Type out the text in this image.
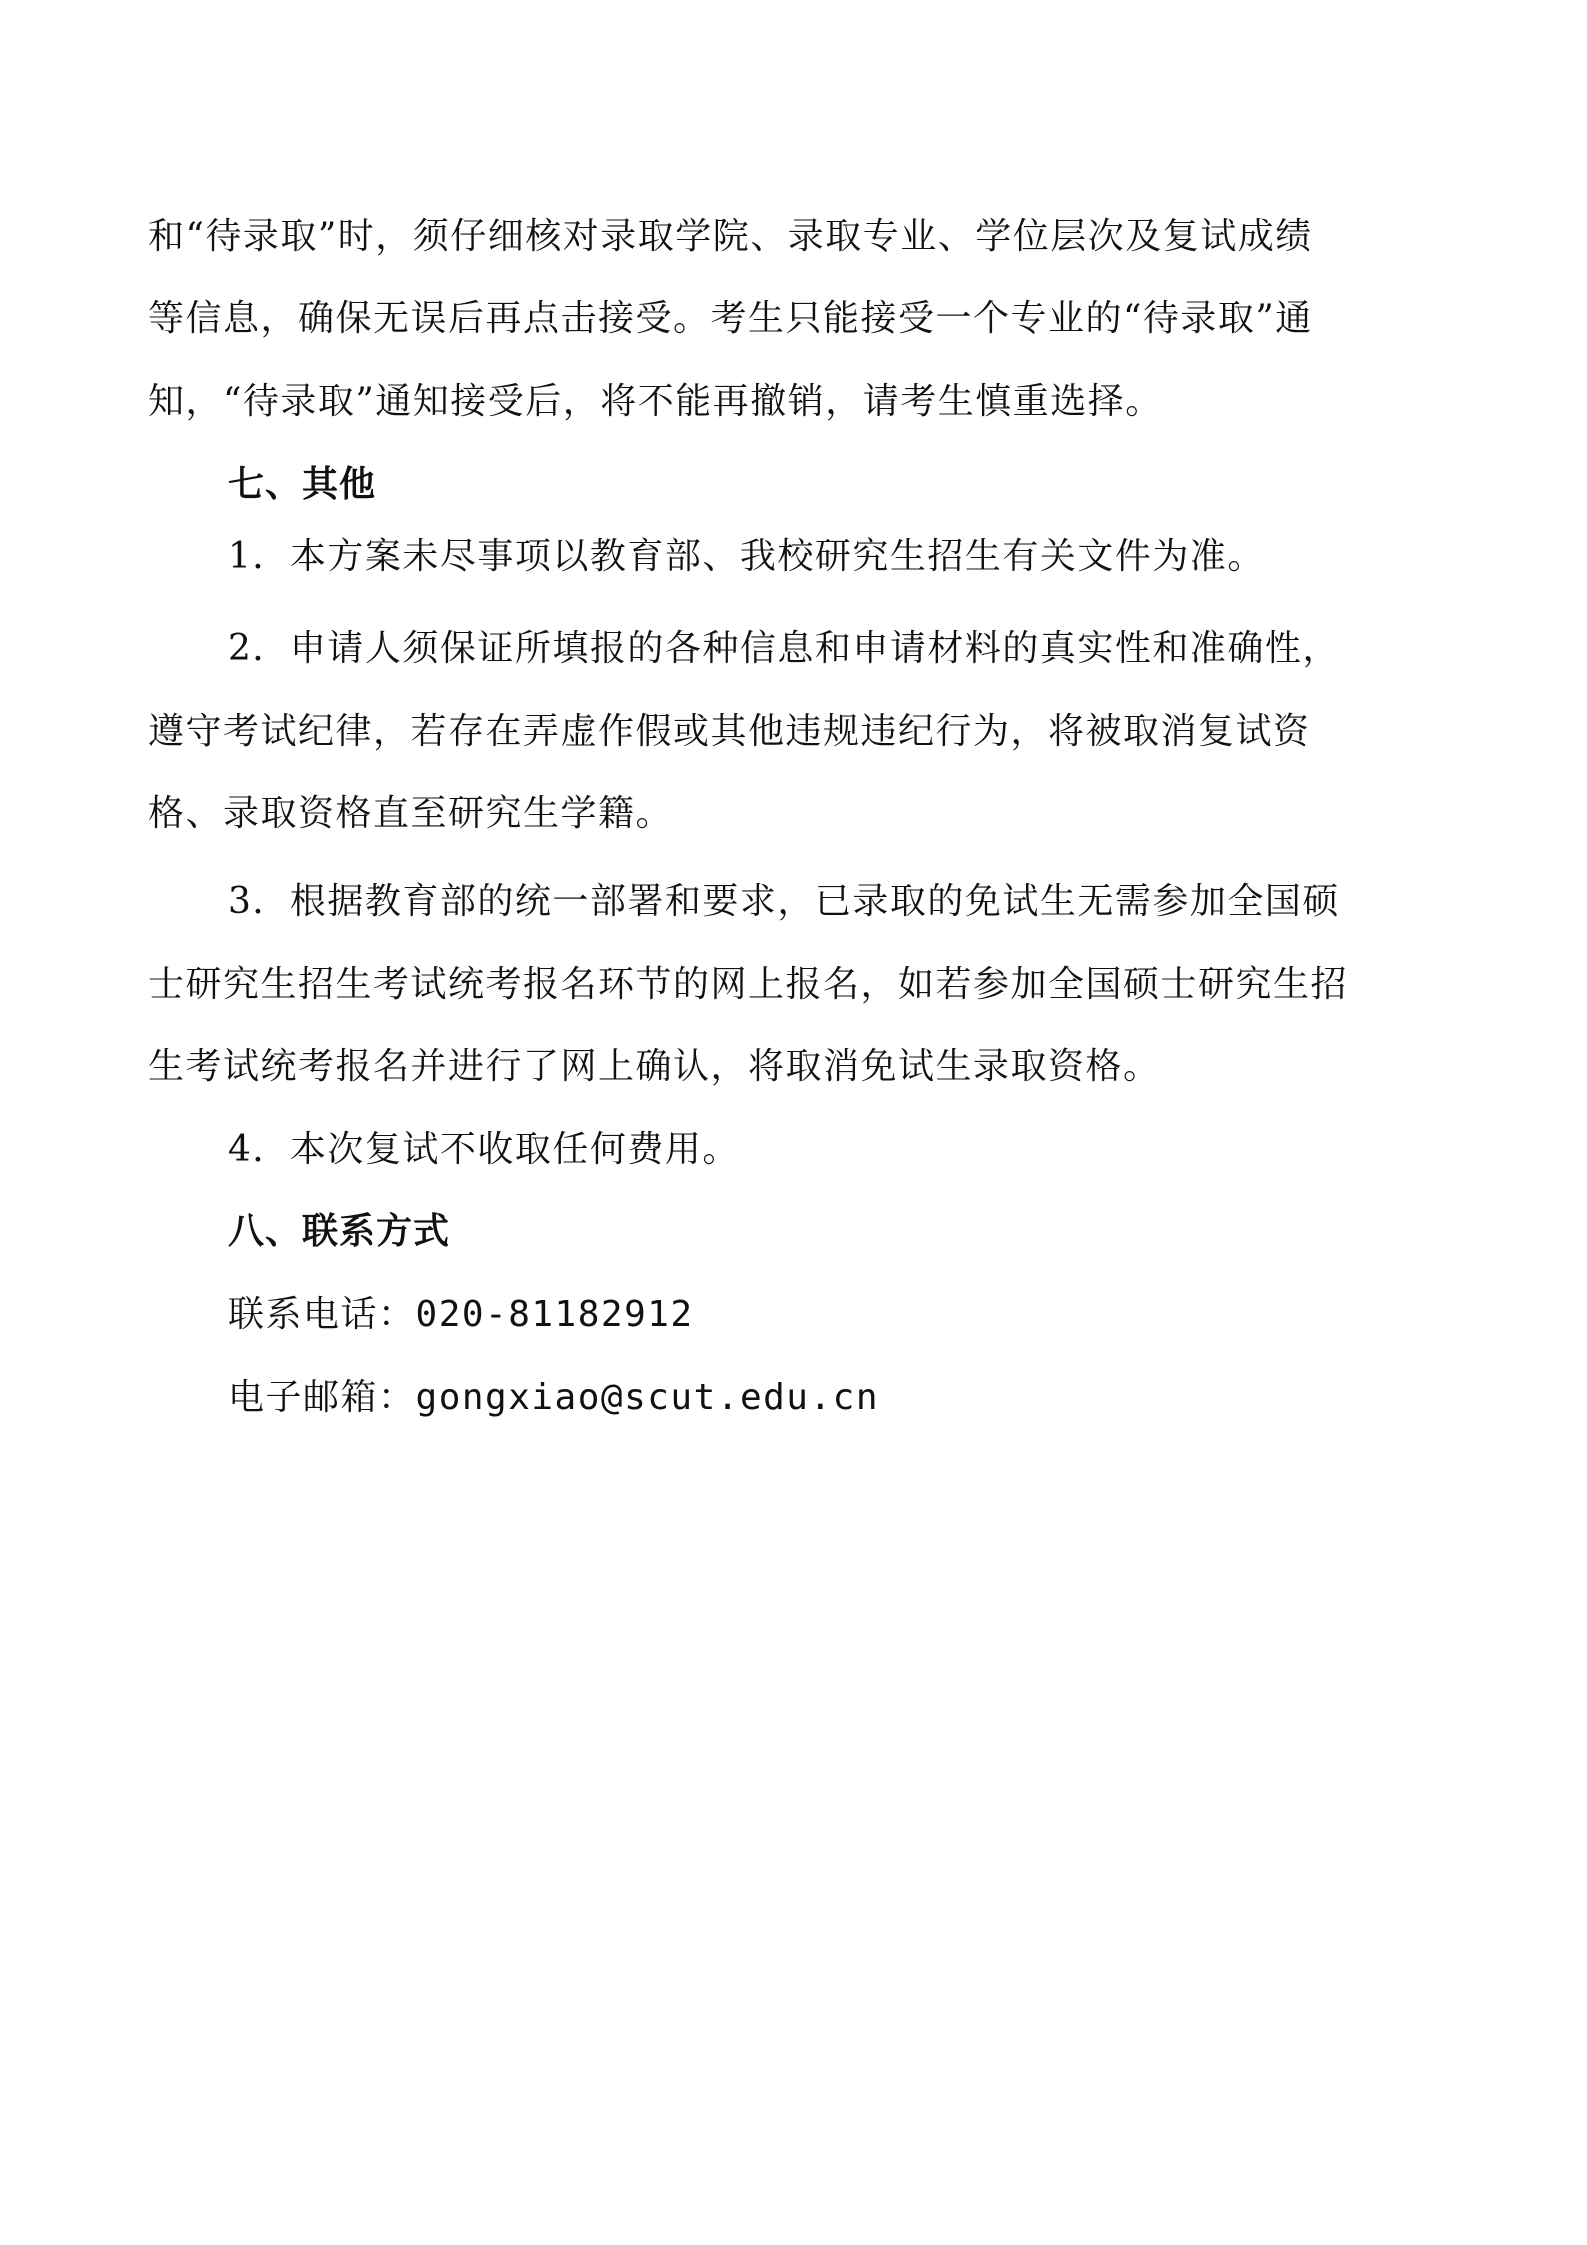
和“待录取”时，须仔细核对录取学院、录取专业、学位层次及复试成绩
等信息，确保无误后再点击接受。考生只能接受一个专业的“待录取”通
知，“待录取”通知接受后，将不能再撤销，请考生慎重选择。
七、其他
1．本方案未尽事项以教育部、我校研究生招生有关文件为准。
2．申请人须保证所填报的各种信息和申请材料的真实性和准确性，
遵守考试纪律，若存在弄虚作假或其他违规违纪行为，将被取消复试资
格、录取资格直至研究生学籍。
3．根据教育部的统一部署和要求，已录取的免试生无需参加全国硕
士研究生招生考试统考报名环节的网上报名，如若参加全国硕士研究生招
生考试统考报名并进行了网上确认，将取消免试生录取资格。
4．本次复试不收取任何费用。
八、联系方式
联系电话：020-81182912
电子邮箱：gongxiao@scut.edu.cn
